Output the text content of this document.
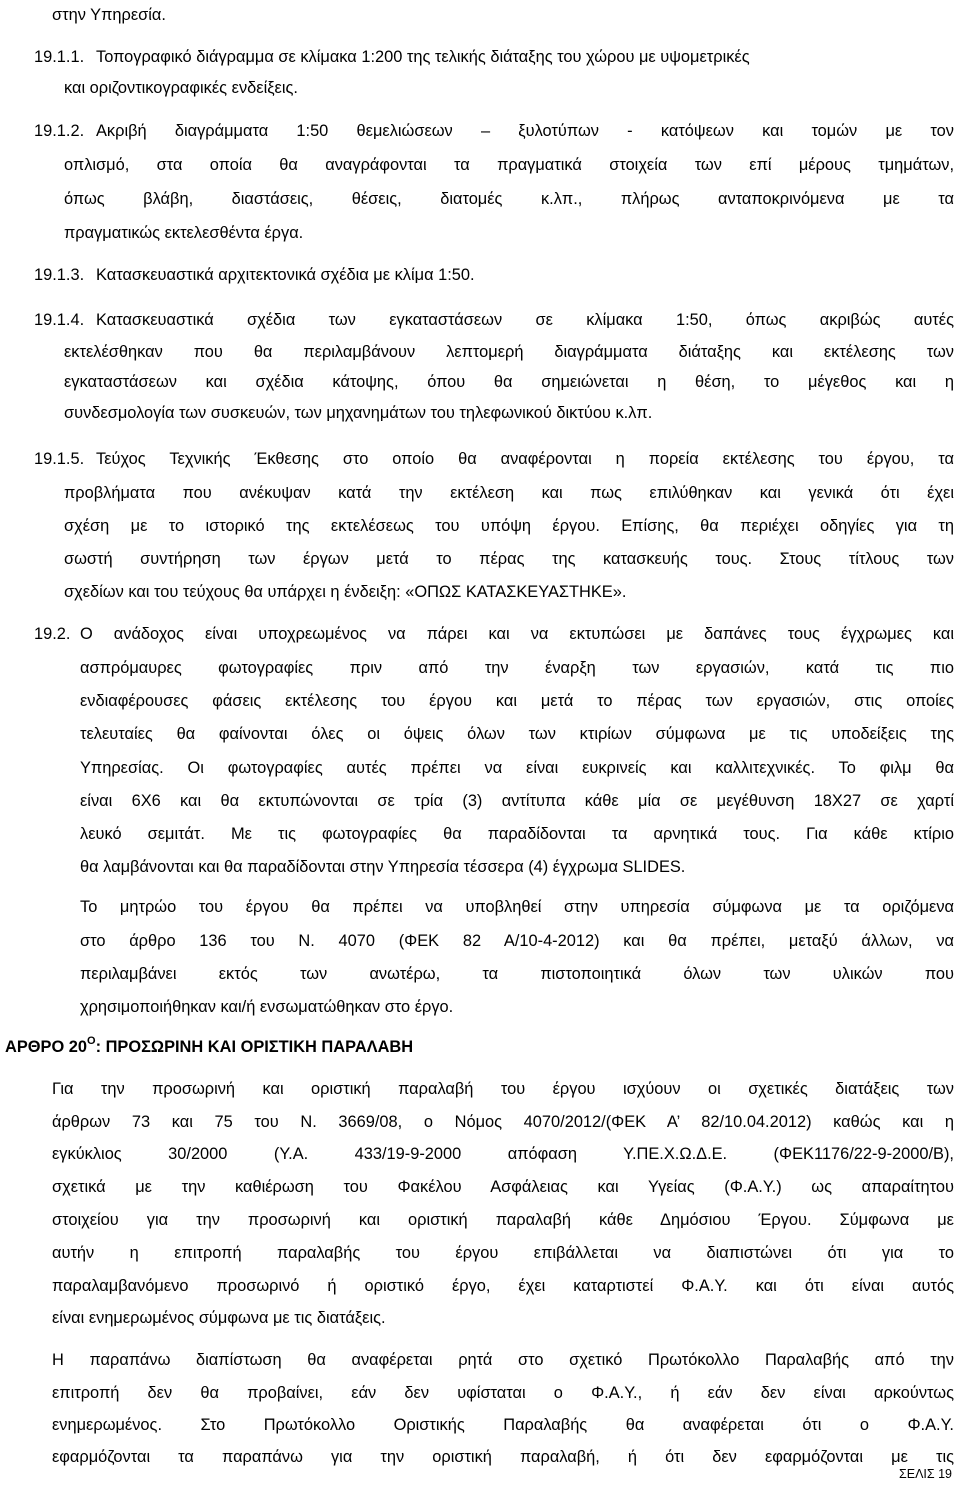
στην Υπηρεσία.
19.1.1. Τοπογραφικό διάγραμμα σε κλίμακα 1:200 της τελικής διάταξης του χώρου με υψομετρικές
και οριζοντικογραφικές ενδείξεις.
19.1.2. Ακριβή διαγράμματα 1:50 θεμελιώσεων – ξυλοτύπων - κατόψεων και τομών με τον
οπλισμό, στα οποία θα αναγράφονται τα πραγματικά στοιχεία των επί μέρους τμημάτων,
όπως βλάβη, διαστάσεις, θέσεις, διατομές κ.λπ., πλήρως ανταποκρινόμενα με τα
πραγματικώς εκτελεσθέντα έργα.
19.1.3. Κατασκευαστικά αρχιτεκτονικά σχέδια με κλίμα 1:50.
19.1.4. Κατασκευαστικά σχέδια των εγκαταστάσεων σε κλίμακα 1:50, όπως ακριβώς αυτές
εκτελέσθηκαν που θα περιλαμβάνουν λεπτομερή διαγράμματα διάταξης και εκτέλεσης των
εγκαταστάσεων και σχέδια κάτοψης, όπου θα σημειώνεται η θέση, το μέγεθος και η
συνδεσμολογία των συσκευών, των μηχανημάτων του τηλεφωνικού δικτύου κ.λπ.
19.1.5. Τεύχος Τεχνικής Έκθεσης στο οποίο θα αναφέρονται η πορεία εκτέλεσης του έργου, τα
προβλήματα που ανέκυψαν κατά την εκτέλεση και πως επιλύθηκαν και γενικά ότι έχει
σχέση με το ιστορικό της εκτελέσεως του υπόψη έργου. Επίσης, θα περιέχει οδηγίες για τη
σωστή συντήρηση των έργων μετά το πέρας της κατασκευής τους. Στους τίτλους των
σχεδίων και του τεύχους θα υπάρχει η ένδειξη: «ΟΠΩΣ ΚΑΤΑΣΚΕΥΑΣΤΗΚΕ».
19.2. Ο ανάδοχος είναι υποχρεωμένος να πάρει και να εκτυπώσει με δαπάνες τους έγχρωμες και
ασπρόμαυρες φωτογραφίες πριν από την έναρξη των εργασιών, κατά τις πιο
ενδιαφέρουσες φάσεις εκτέλεσης του έργου και μετά το πέρας των εργασιών, στις οποίες
τελευταίες θα φαίνονται όλες οι όψεις όλων των κτιρίων σύμφωνα με τις υποδείξεις της
Υπηρεσίας. Οι φωτογραφίες αυτές πρέπει να είναι ευκρινείς και καλλιτεχνικές. Το φιλμ θα
είναι 6Χ6 και θα εκτυπώνονται σε τρία (3) αντίτυπα κάθε μία σε μεγέθυνση 18Χ27 σε χαρτί
λευκό σεμιτάτ. Με τις φωτογραφίες θα παραδίδονται τα αρνητικά τους. Για κάθε κτίριο
θα λαμβάνονται και θα παραδίδονται στην Υπηρεσία τέσσερα (4) έγχρωμα SLIDES.
Το μητρώο του έργου θα πρέπει να υποβληθεί στην υπηρεσία σύμφωνα με τα οριζόμενα
στο άρθρο 136 του Ν. 4070 (ΦΕΚ 82 Α/10-4-2012) και θα πρέπει, μεταξύ άλλων, να
περιλαμβάνει εκτός των ανωτέρω, τα πιστοποιητικά όλων των υλικών που
χρησιμοποιήθηκαν και/ή ενσωματώθηκαν στο έργο.
ΑΡΘΡΟ $20^O$: ΠΡΟΣΩΡΙΝΗ ΚΑΙ ΟΡΙΣΤΙΚΗ ΠΑΡΑΛΑΒΗ
Για την προσωρινή και οριστική παραλαβή του έργου ισχύουν οι σχετικές διατάξεις των
άρθρων 73 και 75 του Ν. 3669/08, ο Νόμος 4070/2012/(ΦΕΚ Α’ 82/10.04.2012) καθώς και η
εγκύκλιος 30/2000 (Υ.Α. 433/19-9-2000 απόφαση Υ.ΠΕ.Χ.Ω.Δ.Ε. (ΦΕΚ1176/22-9-2000/Β),
σχετικά με την καθιέρωση του Φακέλου Ασφάλειας και Υγείας (Φ.Α.Υ.) ως απαραίτητου
στοιχείου για την προσωρινή και οριστική παραλαβή κάθε Δημόσιου Έργου. Σύμφωνα με
αυτήν η επιτροπή παραλαβής του έργου επιβάλλεται να διαπιστώνει ότι για το
παραλαμβανόμενο προσωρινό ή οριστικό έργο, έχει καταρτιστεί Φ.Α.Υ. και ότι είναι αυτός
είναι ενημερωμένος σύμφωνα με τις διατάξεις.
Η παραπάνω διαπίστωση θα αναφέρεται ρητά στο σχετικό Πρωτόκολλο Παραλαβής από την
επιτροπή δεν θα προβαίνει, εάν δεν υφίσταται ο Φ.Α.Υ., ή εάν δεν είναι αρκούντως
ενημερωμένος. Στο Πρωτόκολλο Οριστικής Παραλαβής θα αναφέρεται ότι ο Φ.Α.Υ.
εφαρμόζονται τα παραπάνω για την οριστική παραλαβή, ή ότι δεν εφαρμόζονται με τις
ΣΕΛΙΣ 19
